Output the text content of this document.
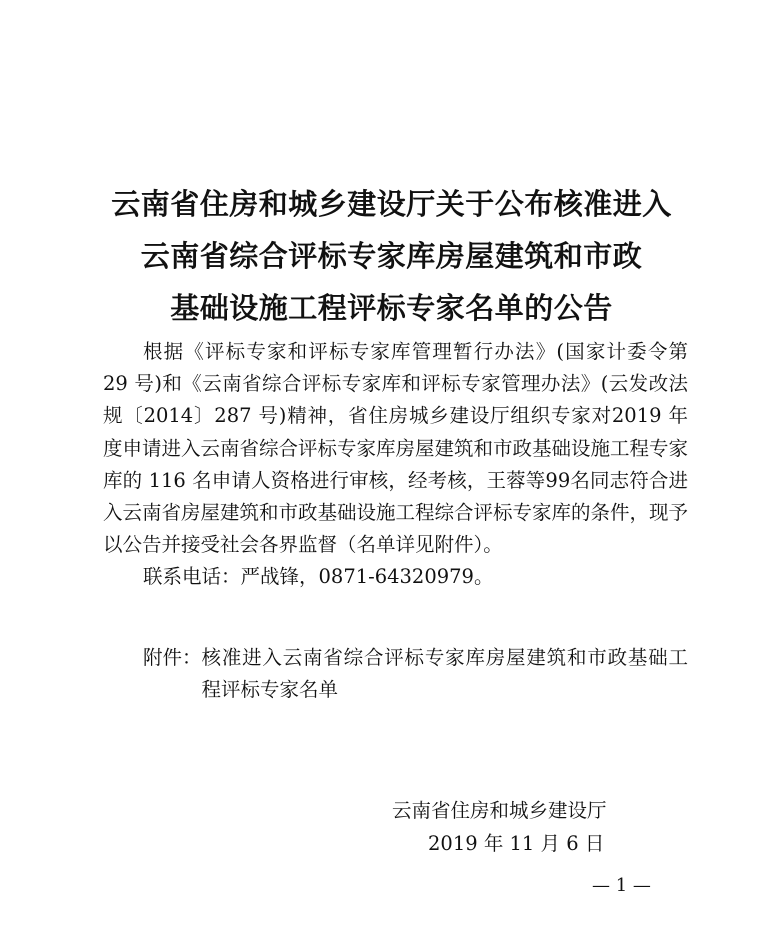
云南省住房和城乡建设厅关于公布核准进入
云南省综合评标专家库房屋建筑和市政
基础设施工程评标专家名单的公告

根据《评标专家和评标专家库管理暂行办法》(国家计委令第 29 号)和《云南省综合评标专家库和评标专家管理办法》(云发改法规〔2014〕287 号)精神，省住房城乡建设厅组织专家对2019 年度申请进入云南省综合评标专家库房屋建筑和市政基础设施工程专家库的 116 名申请人资格进行审核，经考核，王蓉等99名同志符合进入云南省房屋建筑和市政基础设施工程综合评标专家库的条件，现予以公告并接受社会各界监督（名单详见附件）。

联系电话：严战锋，0871-64320979。

附件： 核准进入云南省综合评标专家库房屋建筑和市政基础工程评标专家名单
云南省住房和城乡建设厅
2019 年 11 月 6 日
— 1 —
